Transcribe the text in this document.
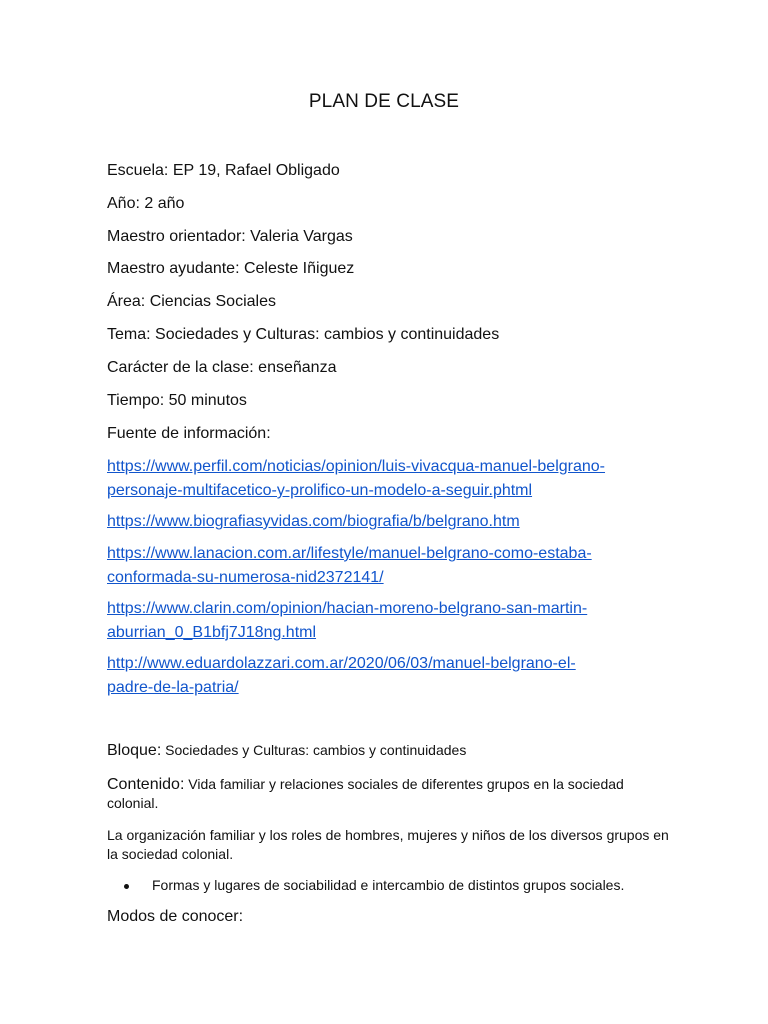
PLAN DE CLASE
Escuela: EP 19, Rafael Obligado
Año: 2 año
Maestro orientador: Valeria Vargas
Maestro ayudante: Celeste Iñiguez
Área: Ciencias Sociales
Tema: Sociedades y Culturas: cambios y continuidades
Carácter de la clase: enseñanza
Tiempo: 50 minutos
Fuente de información:
https://www.perfil.com/noticias/opinion/luis-vivacqua-manuel-belgrano-
personaje-multifacetico-y-prolifico-un-modelo-a-seguir.phtml
https://www.biografiasyvidas.com/biografia/b/belgrano.htm
https://www.lanacion.com.ar/lifestyle/manuel-belgrano-como-estaba-
conformada-su-numerosa-nid2372141/
https://www.clarin.com/opinion/hacian-moreno-belgrano-san-martin-
aburrian_0_B1bfj7J18ng.html
http://www.eduardolazzari.com.ar/2020/06/03/manuel-belgrano-el-
padre-de-la-patria/
Bloque: Sociedades y Culturas: cambios y continuidades
Contenido: Vida familiar y relaciones sociales de diferentes grupos en la sociedad colonial.
La organización familiar y los roles de hombres, mujeres y niños de los diversos grupos en la sociedad colonial.
Formas y lugares de sociabilidad e intercambio de distintos grupos sociales.
Modos de conocer:
